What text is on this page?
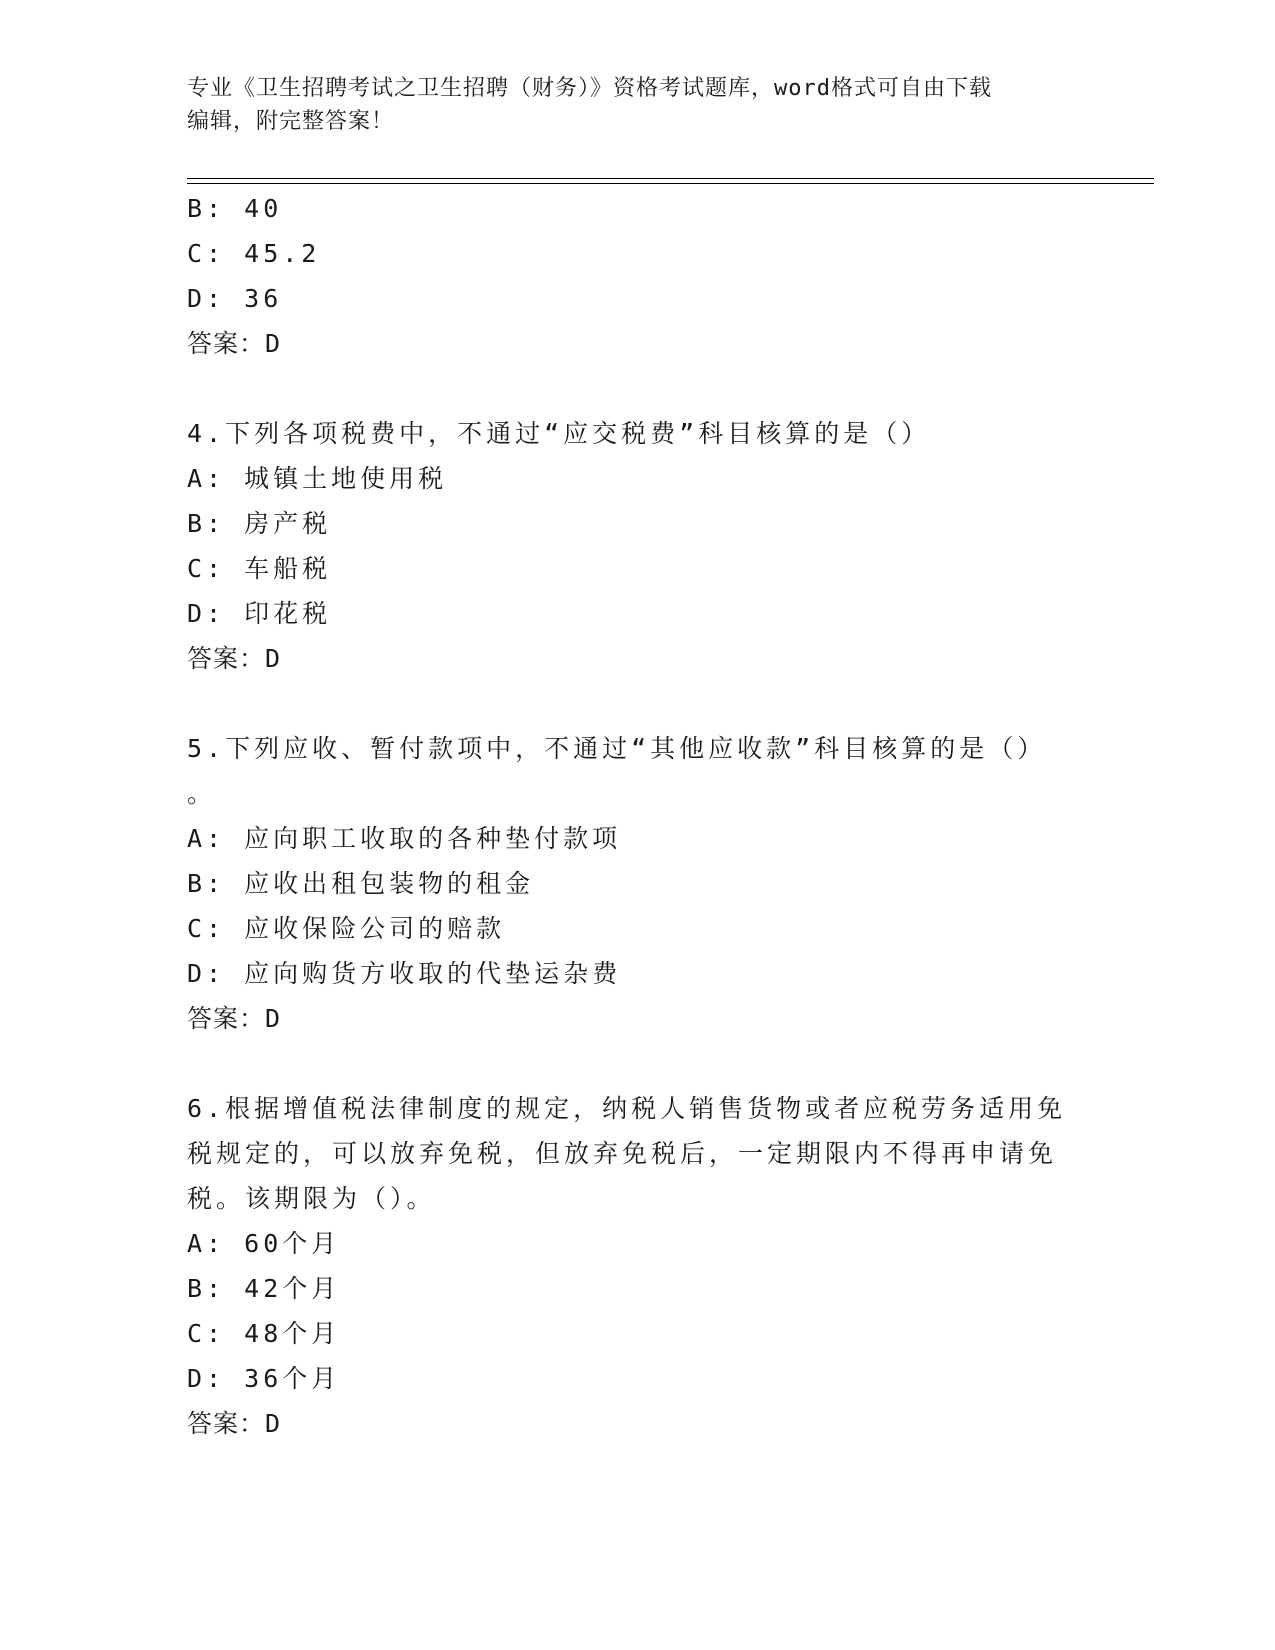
专业《卫生招聘考试之卫生招聘（财务）》资格考试题库，word格式可自由下载
编辑，附完整答案！
B: 40
C: 45.2
D: 36
答案：D
4.下列各项税费中，不通过“应交税费”科目核算的是（）
A: 城镇土地使用税
B: 房产税
C: 车船税
D: 印花税
答案：D
5.下列应收、暂付款项中，不通过“其他应收款”科目核算的是（）
。
A: 应向职工收取的各种垫付款项
B: 应收出租包装物的租金
C: 应收保险公司的赔款
D: 应向购货方收取的代垫运杂费
答案：D
6.根据增值税法律制度的规定，纳税人销售货物或者应税劳务适用免
税规定的，可以放弃免税，但放弃免税后，一定期限内不得再申请免
税。该期限为（）。
A: 60个月
B: 42个月
C: 48个月
D: 36个月
答案：D
